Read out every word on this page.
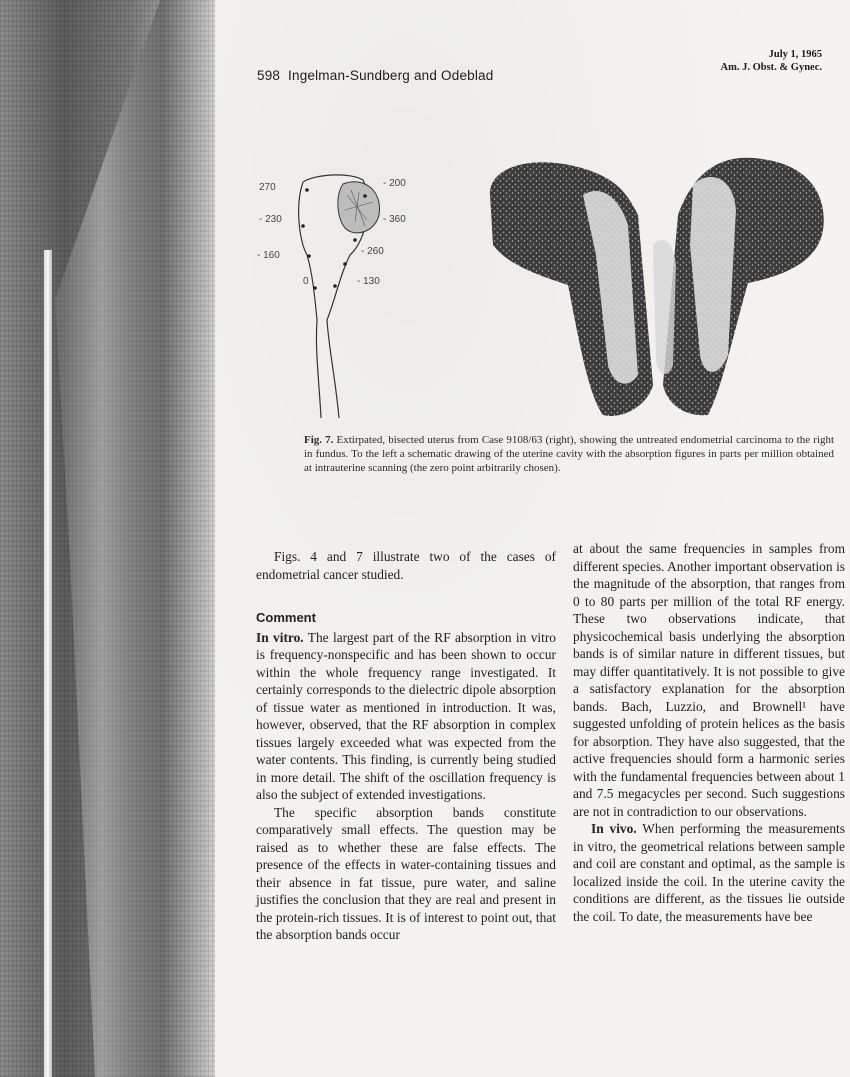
598 Ingelman-Sundberg and Odeblad
July 1, 1965
Am. J. Obst. & Gynec.
270
- 230
- 160
0
- 200
- 360
- 260
- 130
Fig. 7. Extirpated, bisected uterus from Case 9108/63 (right), showing the untreated endometrial carcinoma to the right in fundus. To the left a schematic drawing of the uterine cavity with the absorption figures in parts per million obtained at intrauterine scanning (the zero point arbitrarily chosen).

Figs. 4 and 7 illustrate two of the cases of endometrial cancer studied.

Comment

In vitro. The largest part of the RF absorption in vitro is frequency-nonspecific and has been shown to occur within the whole frequency range investigated. It certainly corresponds to the dielectric dipole absorption of tissue water as mentioned in introduction. It was, however, observed, that the RF absorption in complex tissues largely exceeded what was expected from the water contents. This finding, is currently being studied in more detail. The shift of the oscillation frequency is also the subject of extended investigations.

The specific absorption bands constitute comparatively small effects. The question may be raised as to whether these are false effects. The presence of the effects in water-containing tissues and their absence in fat tissue, pure water, and saline justifies the conclusion that they are real and present in the protein-rich tissues. It is of interest to point out, that the absorption bands occur

at about the same frequencies in samples from different species. Another important observation is the magnitude of the absorption, that ranges from 0 to 80 parts per million of the total RF energy. These two observations indicate, that physicochemical basis underlying the absorption bands is of similar nature in different tissues, but may differ quantitatively. It is not possible to give a satisfactory explanation for the absorption bands. Bach, Luzzio, and Brownell¹ have suggested unfolding of protein helices as the basis for absorption. They have also suggested, that the active frequencies should form a harmonic series with the fundamental frequencies between about 1 and 7.5 megacycles per second. Such suggestions are not in contradiction to our observations.

In vivo. When performing the measurements in vitro, the geometrical relations between sample and coil are constant and optimal, as the sample is localized inside the coil. In the uterine cavity the conditions are different, as the tissues lie outside the coil. To date, the measurements have bee
